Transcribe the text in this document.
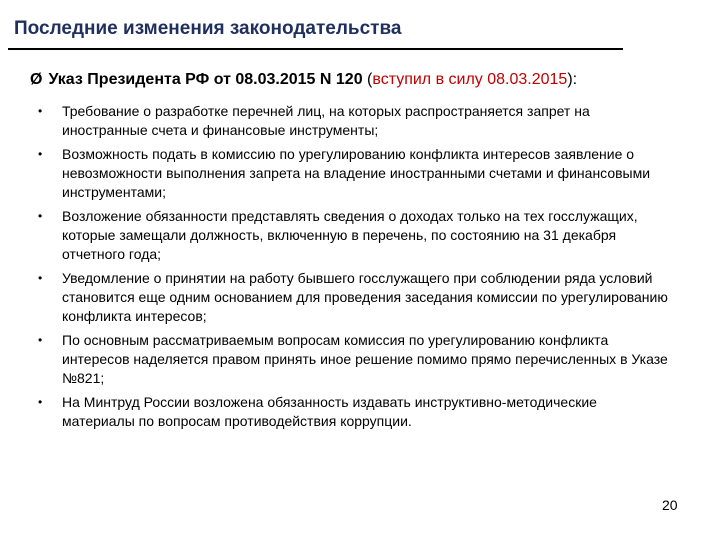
Последние изменения законодательства
Ø Указ Президента РФ от 08.03.2015 N 120 (вступил в силу 08.03.2015):
• Требование о разработке перечней лиц, на которых распространяется запрет на иностранные счета и финансовые инструменты;
• Возможность подать в комиссию по урегулированию конфликта интересов заявление о невозможности выполнения запрета на владение иностранными счетами и финансовыми инструментами;
• Возложение обязанности представлять сведения о доходах только на тех госслужащих, которые замещали должность, включенную в перечень, по состоянию на 31 декабря отчетного года;
• Уведомление о принятии на работу бывшего госслужащего при соблюдении ряда условий становится еще одним основанием для проведения заседания комиссии по урегулированию конфликта интересов;
• По основным рассматриваемым вопросам комиссия по урегулированию конфликта интересов наделяется правом принять иное решение помимо прямо перечисленных в Указе №821;
• На Минтруд России возложена обязанность издавать инструктивно-методические материалы по вопросам противодействия коррупции.
20
